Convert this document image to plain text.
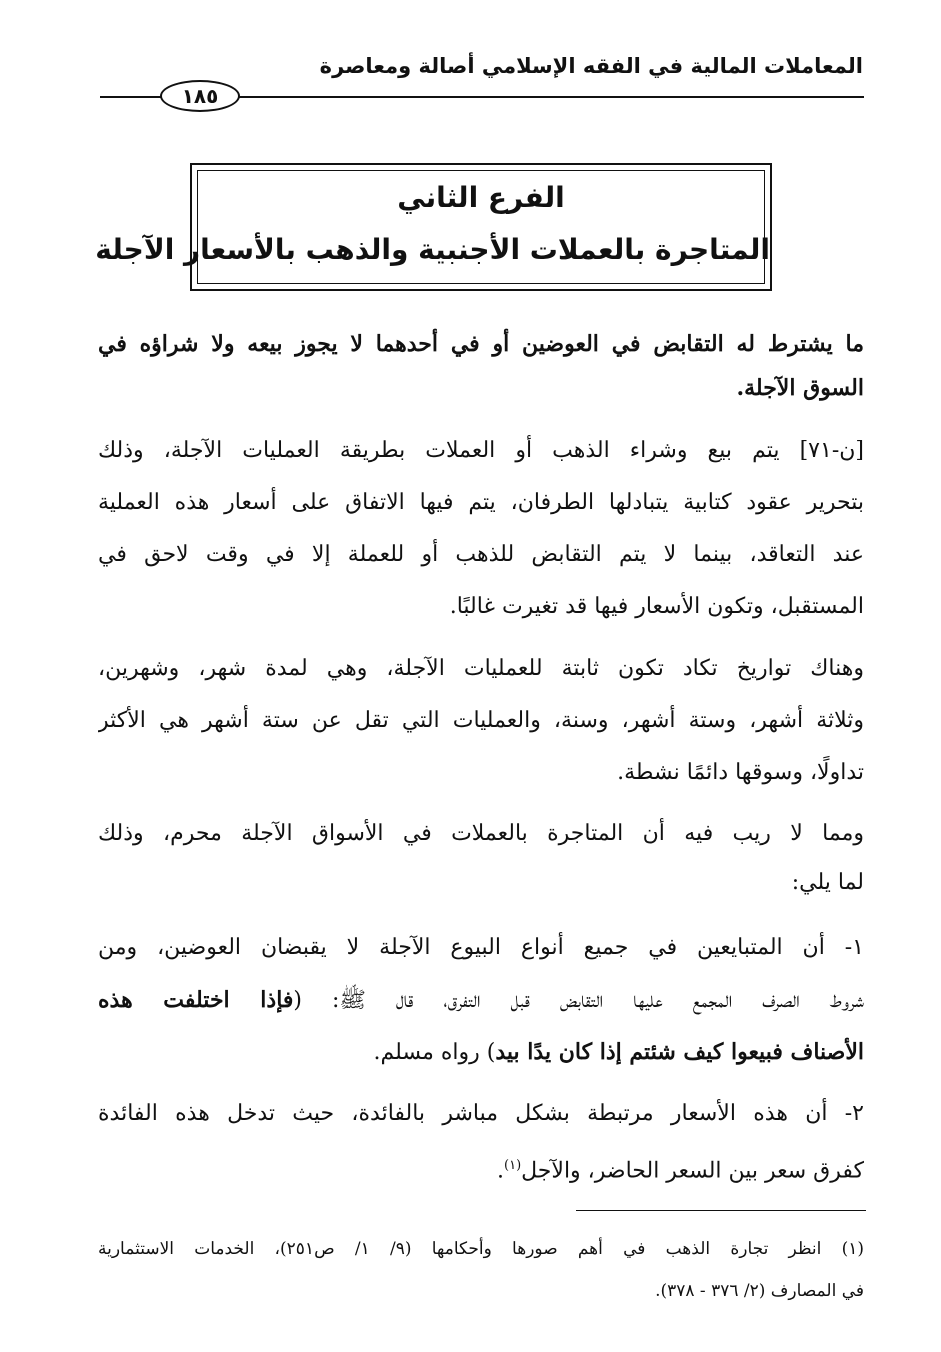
المعاملات المالية في الفقه الإسلامي أصالة ومعاصرة
١٨٥
الفرع الثاني
المتاجرة بالعملات الأجنبية والذهب بالأسعار الآجلة
ما يشترط له التقابض في العوضين أو في أحدهما لا يجوز بيعه ولا شراؤه في
السوق الآجلة.
[ن-٧١] يتم بيع وشراء الذهب أو العملات بطريقة العمليات الآجلة، وذلك
بتحرير عقود كتابية يتبادلها الطرفان، يتم فيها الاتفاق على أسعار هذه العملية
عند التعاقد، بينما لا يتم التقابض للذهب أو للعملة إلا في وقت لاحق في
المستقبل، وتكون الأسعار فيها قد تغيرت غالبًا.
وهناك تواريخ تكاد تكون ثابتة للعمليات الآجلة، وهي لمدة شهر، وشهرين،
وثلاثة أشهر، وستة أشهر، وسنة، والعمليات التي تقل عن ستة أشهر هي الأكثر
تداولًا، وسوقها دائمًا نشطة.
ومما لا ريب فيه أن المتاجرة بالعملات في الأسواق الآجلة محرم، وذلك
لما يلي:
١- أن المتبايعين في جميع أنواع البيوع الآجلة لا يقبضان العوضين، ومن
شروط الصرف المجمع عليها التقابض قبل التفرق، قال ﷺ: (فإذا اختلفت هذه
الأصناف فبيعوا كيف شئتم إذا كان يدًا بيد) رواه مسلم.
٢- أن هذه الأسعار مرتبطة بشكل مباشر بالفائدة، حيث تدخل هذه الفائدة
كفرق سعر بين السعر الحاضر، والآجل$^{(١)}$.
(١) انظر تجارة الذهب في أهم صورها وأحكامها (٩/ ١/ ص٢٥١)، الخدمات الاستثمارية
في المصارف (٢/ ٣٧٦ - ٣٧٨).
